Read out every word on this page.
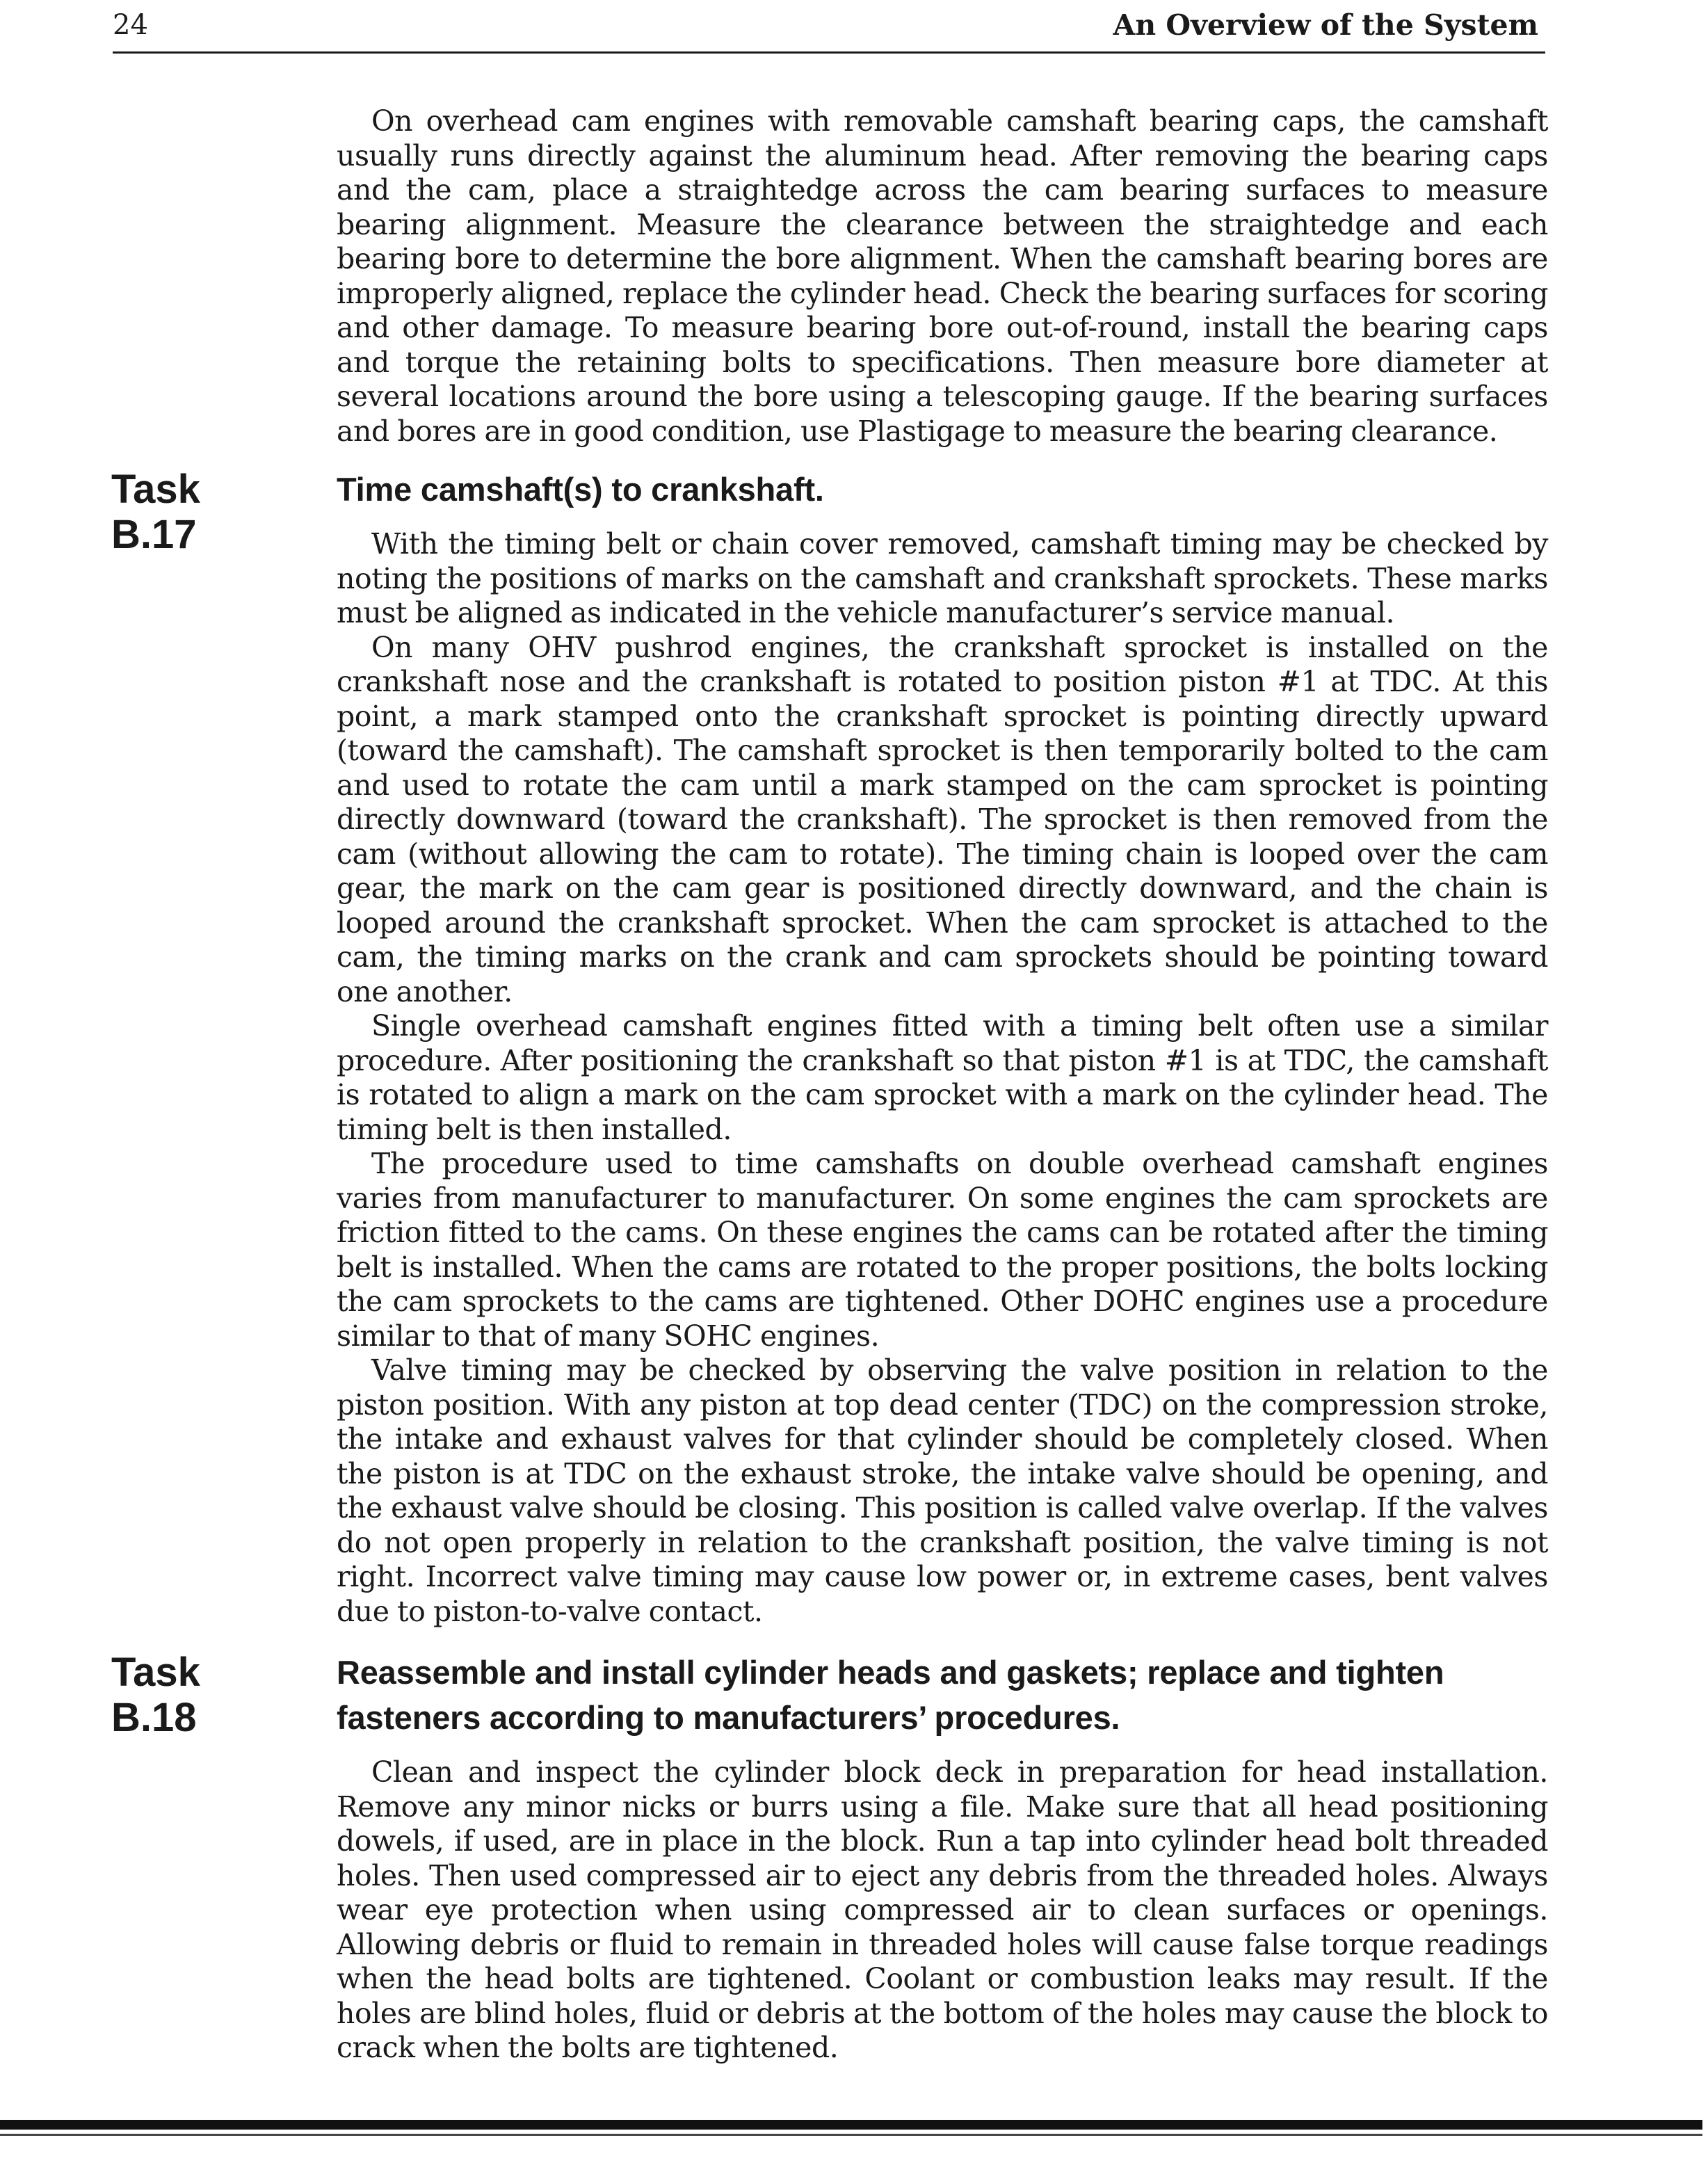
24	An Overview of the System

On overhead cam engines with removable camshaft bearing caps, the camshaft usually runs directly against the aluminum head. After removing the bearing caps and the cam, place a straightedge across the cam bearing surfaces to measure bearing alignment. Measure the clearance between the straightedge and each bearing bore to determine the bore alignment. When the camshaft bearing bores are improperly aligned, replace the cylinder head. Check the bearing surfaces for scoring and other damage. To measure bearing bore out-of-round, install the bearing caps and torque the retaining bolts to specifications. Then measure bore diameter at several locations around the bore using a telescoping gauge. If the bearing surfaces and bores are in good condition, use Plastigage to measure the bearing clearance.

Task
B.17
Time camshaft(s) to crankshaft.

With the timing belt or chain cover removed, camshaft timing may be checked by noting the positions of marks on the camshaft and crankshaft sprockets. These marks must be aligned as indicated in the vehicle manufacturer’s service manual.

On many OHV pushrod engines, the crankshaft sprocket is installed on the crankshaft nose and the crankshaft is rotated to position piston #1 at TDC. At this point, a mark stamped onto the crankshaft sprocket is pointing directly upward (toward the camshaft). The camshaft sprocket is then temporarily bolted to the cam and used to rotate the cam until a mark stamped on the cam sprocket is pointing directly downward (toward the crankshaft). The sprocket is then removed from the cam (without allowing the cam to rotate). The timing chain is looped over the cam gear, the mark on the cam gear is positioned directly downward, and the chain is looped around the crankshaft sprocket. When the cam sprocket is attached to the cam, the timing marks on the crank and cam sprockets should be pointing toward one another.

Single overhead camshaft engines fitted with a timing belt often use a similar procedure. After positioning the crankshaft so that piston #1 is at TDC, the camshaft is rotated to align a mark on the cam sprocket with a mark on the cylinder head. The timing belt is then installed.

The procedure used to time camshafts on double overhead camshaft engines varies from manufacturer to manufacturer. On some engines the cam sprockets are friction fitted to the cams. On these engines the cams can be rotated after the timing belt is installed. When the cams are rotated to the proper positions, the bolts locking the cam sprockets to the cams are tightened. Other DOHC engines use a procedure similar to that of many SOHC engines.

Valve timing may be checked by observing the valve position in relation to the piston position. With any piston at top dead center (TDC) on the compression stroke, the intake and exhaust valves for that cylinder should be completely closed. When the piston is at TDC on the exhaust stroke, the intake valve should be opening, and the exhaust valve should be closing. This position is called valve overlap. If the valves do not open properly in relation to the crankshaft position, the valve timing is not right. Incorrect valve timing may cause low power or, in extreme cases, bent valves due to piston-to-valve contact.

Task
B.18
Reassemble and install cylinder heads and gaskets; replace and tighten fasteners according to manufacturers’ procedures.

Clean and inspect the cylinder block deck in preparation for head installation. Remove any minor nicks or burrs using a file. Make sure that all head positioning dowels, if used, are in place in the block. Run a tap into cylinder head bolt threaded holes. Then used compressed air to eject any debris from the threaded holes. Always wear eye protection when using compressed air to clean surfaces or openings. Allowing debris or fluid to remain in threaded holes will cause false torque readings when the head bolts are tightened. Coolant or combustion leaks may result. If the holes are blind holes, fluid or debris at the bottom of the holes may cause the block to crack when the bolts are tightened.
